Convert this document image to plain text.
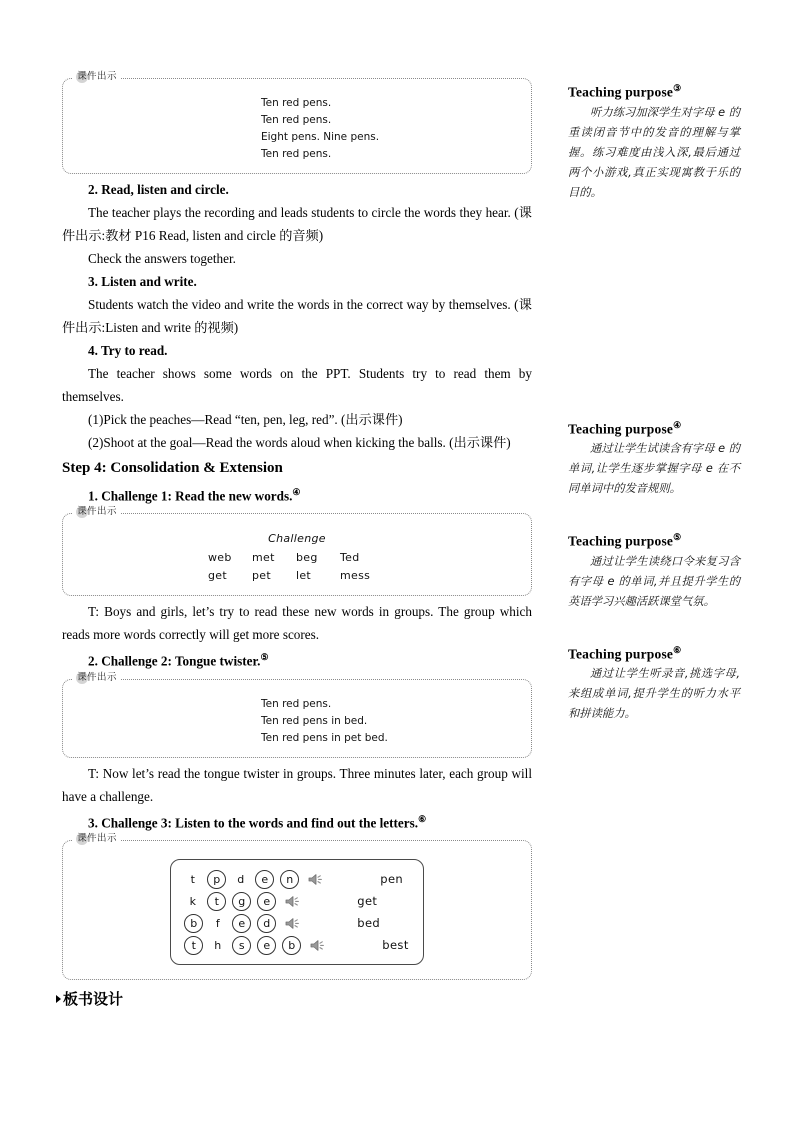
课件出示
Ten red pens.
Ten red pens.
Eight pens. Nine pens.
Ten red pens.

2. Read, listen and circle.

The teacher plays the recording and leads students to circle the words they hear. (课件出示:教材 P16 Read, listen and circle 的音频)

Check the answers together.

3. Listen and write.

Students watch the video and write the words in the correct way by themselves. (课件出示:Listen and write 的视频)

4. Try to read.

The teacher shows some words on the PPT. Students try to read them by themselves.

(1)Pick the peaches—Read “ten, pen, leg, red”. (出示课件)

(2)Shoot at the goal—Read the words aloud when kicking the balls. (出示课件)

Step 4: Consolidation & Extension

1. Challenge 1: Read the new words.④

课件出示
Challenge
web met beg Ted
get pet let	mess

T: Boys and girls, let’s try to read these new words in groups. The group which reads more words correctly will get more scores.

2. Challenge 2: Tongue twister.⑤

课件出示
Ten red pens.
Ten red pens in bed.
Ten red pens in pet bed.

T: Now let’s read the tongue twister in groups. Three minutes later, each group will have a challenge.

3. Challenge 3: Listen to the words and find out the letters.⑥

课件出示
t	p	d	e	n	pen
k	t	g	e	get
b	f	e	d	bed
t	h	s	e	b	best
Teaching purpose③
听力练习加深学生对字母 e 的重读闭音节中的发音的理解与掌握。练习难度由浅入深,最后通过两个小游戏,真正实现寓教于乐的目的。
Teaching purpose④
通过让学生试读含有字母 e 的单词,让学生逐步掌握字母 e 在不同单词中的发音规则。
Teaching purpose⑤
通过让学生读绕口令来复习含有字母 e 的单词,并且提升学生的英语学习兴趣活跃课堂气氛。
Teaching purpose⑥
通过让学生听录音,挑选字母,来组成单词,提升学生的听力水平和拼读能力。
板书设计
